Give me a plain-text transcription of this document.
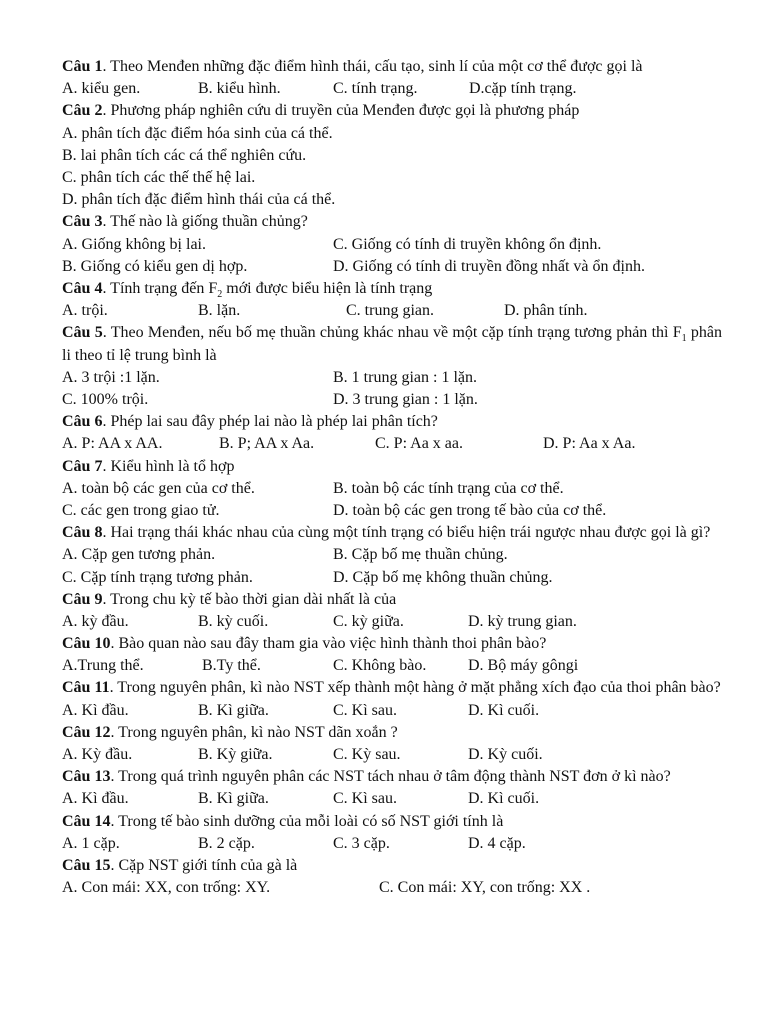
Câu 1. Theo Menđen những đặc điểm hình thái, cấu tạo, sinh lí của một cơ thể được gọi là
A. kiểu gen.	B. kiểu hình.	C. tính trạng.	D.cặp tính trạng.
Câu 2. Phương pháp nghiên cứu di truyền của Menđen được gọi là phương pháp
A. phân tích đặc điểm hóa sinh của cá thể.
B. lai phân tích các cá thể nghiên cứu.
C. phân tích các thế thế hệ lai.
D. phân tích đặc điểm hình thái của cá thể.
Câu 3. Thế nào là giống thuần chủng?
A. Giống không bị lai.	C. Giống có tính di truyền không ổn định.
B. Giống có kiểu gen dị hợp.	D. Giống có tính di truyền đồng nhất và ổn định.
Câu 4. Tính trạng đến $F_2$ mới được biểu hiện là tính trạng
A. trội.	B. lặn.	C. trung gian.	D. phân tính.
Câu 5. Theo Menđen, nếu bố mẹ thuần chủng khác nhau về một cặp tính trạng tương phản thì $F_1$ phân li theo tỉ lệ trung bình là
A. 3 trội :1 lặn.	B. 1 trung gian : 1 lặn.
C. 100% trội.	D. 3 trung gian : 1 lặn.
Câu 6. Phép lai sau đây phép lai nào là phép lai phân tích?
A. P: AA x AA.	B. P; AA x Aa.	C. P: Aa x aa.	D. P: Aa x Aa.
Câu 7. Kiểu hình là tổ hợp
A. toàn bộ các gen của cơ thể.	B. toàn bộ các tính trạng của cơ thể.
C. các gen trong giao tử.	D. toàn bộ các gen trong tế bào của cơ thể.
Câu 8. Hai trạng thái khác nhau của cùng một tính trạng có biểu hiện trái ngược nhau được gọi là gì?
A. Cặp gen tương phản.	B. Cặp bố mẹ thuần chủng.
C. Cặp tính trạng tương phản.	D. Cặp bố mẹ không thuần chủng.
Câu 9. Trong chu kỳ tế bào thời gian dài nhất là của
A. kỳ đầu.	B. kỳ cuối.	C. kỳ giữa.	D. kỳ trung gian.
Câu 10. Bào quan nào sau đây tham gia vào việc hình thành thoi phân bào?
A.Trung thể.	B.Ty thể.	C. Không bào.	D. Bộ máy gôngi
Câu 11. Trong nguyên phân, kì nào NST xếp thành một hàng ở mặt phẳng xích đạo của thoi phân bào?
A. Kì đầu.	B. Kì giữa.	C. Kì sau.	D. Kì cuối.
Câu 12. Trong nguyên phân, kì nào NST dãn xoắn ?
A. Kỳ đầu.	B. Kỳ giữa.	C. Kỳ sau.	D. Kỳ cuối.
Câu 13. Trong quá trình nguyên phân các NST tách nhau ở tâm động thành NST đơn ở kì nào?
A. Kì đầu.	B. Kì giữa.	C. Kì sau.	D. Kì cuối.
Câu 14. Trong tế bào sinh dưỡng của mỗi loài có số NST giới tính là
A. 1 cặp.	B. 2 cặp.	C. 3 cặp.	D. 4 cặp.
Câu 15. Cặp NST giới tính của gà là
A. Con mái: XX, con trống: XY.	C. Con mái: XY, con trống: XX .
